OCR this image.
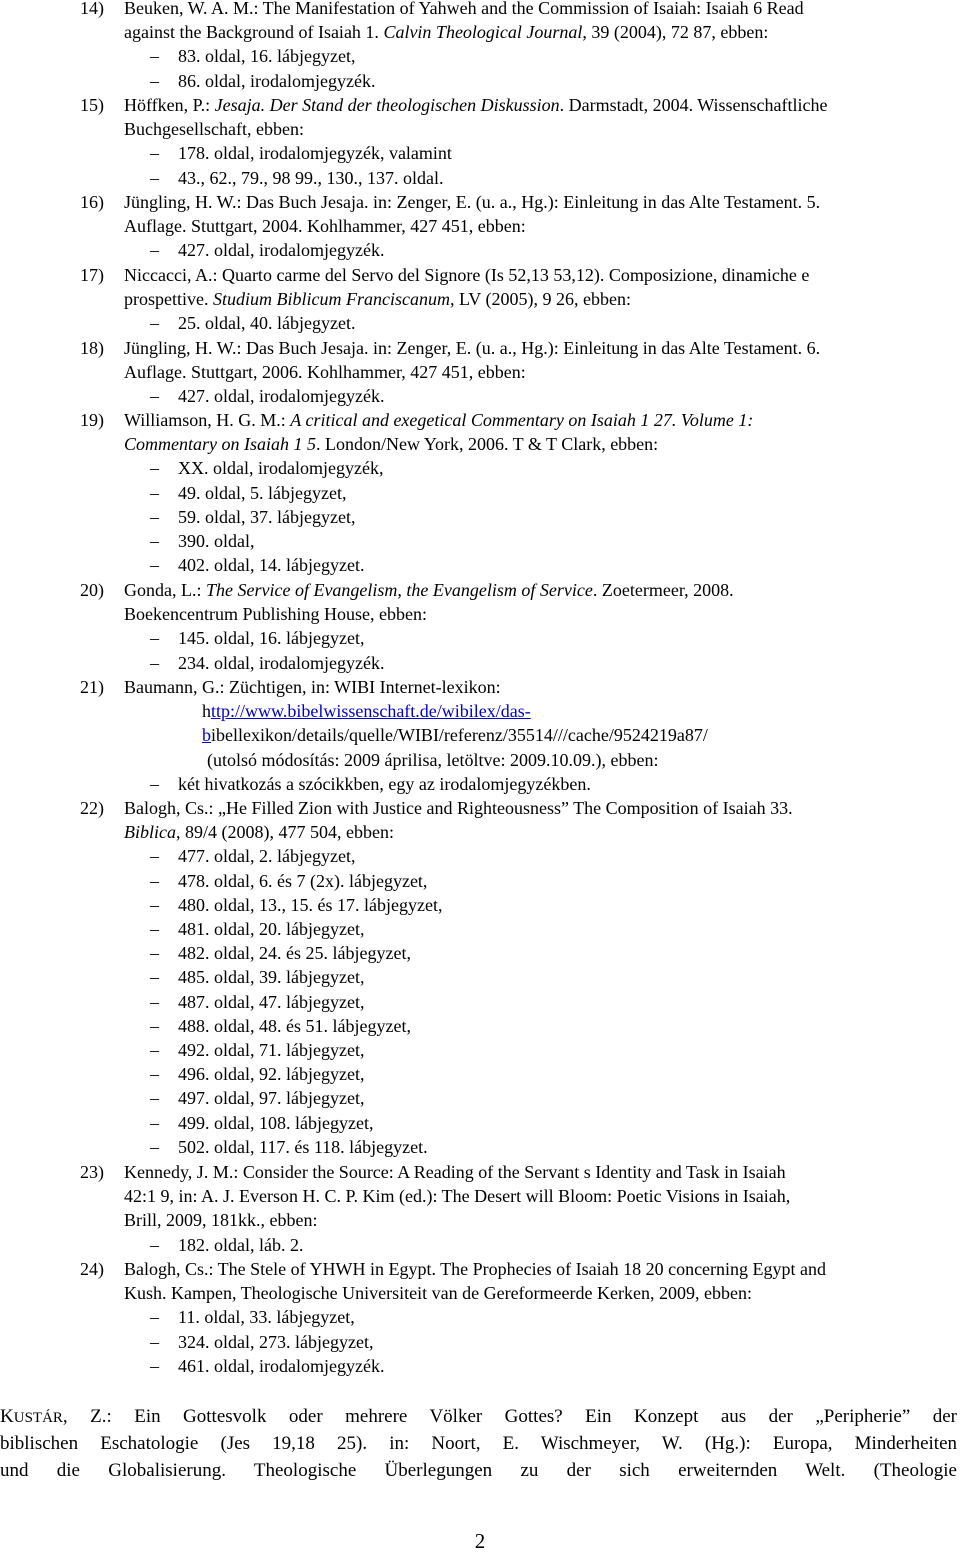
14) Beuken, W. A. M.: The Manifestation of Yahweh and the Commission of Isaiah: Isaiah 6 Read
against the Background of Isaiah 1. Calvin Theological Journal, 39 (2004), 72 87, ebben:
– 83. oldal, 16. lábjegyzet,
– 86. oldal, irodalomjegyzék.
15) Höffken, P.: Jesaja. Der Stand der theologischen Diskussion. Darmstadt, 2004. Wissenschaftliche
Buchgesellschaft, ebben:
– 178. oldal, irodalomjegyzék, valamint
– 43., 62., 79., 98 99., 130., 137. oldal.
16) Jüngling, H. W.: Das Buch Jesaja. in: Zenger, E. (u. a., Hg.): Einleitung in das Alte Testament. 5.
Auflage. Stuttgart, 2004. Kohlhammer, 427 451, ebben:
– 427. oldal, irodalomjegyzék.
17) Niccacci, A.: Quarto carme del Servo del Signore (Is 52,13 53,12). Composizione, dinamiche e
prospettive. Studium Biblicum Franciscanum, LV (2005), 9 26, ebben:
– 25. oldal, 40. lábjegyzet.
18) Jüngling, H. W.: Das Buch Jesaja. in: Zenger, E. (u. a., Hg.): Einleitung in das Alte Testament. 6.
Auflage. Stuttgart, 2006. Kohlhammer, 427 451, ebben:
– 427. oldal, irodalomjegyzék.
19) Williamson, H. G. M.: A critical and exegetical Commentary on Isaiah 1 27. Volume 1:
Commentary on Isaiah 1 5. London/New York, 2006. T & T Clark, ebben:
– XX. oldal, irodalomjegyzék,
– 49. oldal, 5. lábjegyzet,
– 59. oldal, 37. lábjegyzet,
– 390. oldal,
– 402. oldal, 14. lábjegyzet.
20) Gonda, L.: The Service of Evangelism, the Evangelism of Service. Zoetermeer, 2008.
Boekencentrum Publishing House, ebben:
– 145. oldal, 16. lábjegyzet,
– 234. oldal, irodalomjegyzék.
21) Baumann, G.: Züchtigen, in: WIBI Internet-lexikon:
http://www.bibelwissenschaft.de/wibilex/das-
bibellexikon/details/quelle/WIBI/referenz/35514///cache/9524219a87/
(utolsó módosítás: 2009 áprilisa, letöltve: 2009.10.09.), ebben:
– két hivatkozás a szócikkben, egy az irodalomjegyzékben.
22) Balogh, Cs.: „He Filled Zion with Justice and Righteousness” The Composition of Isaiah 33.
Biblica, 89/4 (2008), 477 504, ebben:
– 477. oldal, 2. lábjegyzet,
– 478. oldal, 6. és 7 (2x). lábjegyzet,
– 480. oldal, 13., 15. és 17. lábjegyzet,
– 481. oldal, 20. lábjegyzet,
– 482. oldal, 24. és 25. lábjegyzet,
– 485. oldal, 39. lábjegyzet,
– 487. oldal, 47. lábjegyzet,
– 488. oldal, 48. és 51. lábjegyzet,
– 492. oldal, 71. lábjegyzet,
– 496. oldal, 92. lábjegyzet,
– 497. oldal, 97. lábjegyzet,
– 499. oldal, 108. lábjegyzet,
– 502. oldal, 117. és 118. lábjegyzet.
23) Kennedy, J. M.: Consider the Source: A Reading of the Servant s Identity and Task in Isaiah
42:1 9, in: A. J. Everson H. C. P. Kim (ed.): The Desert will Bloom: Poetic Visions in Isaiah,
Brill, 2009, 181kk., ebben:
– 182. oldal, láb. 2.
24) Balogh, Cs.: The Stele of YHWH in Egypt. The Prophecies of Isaiah 18 20 concerning Egypt and
Kush. Kampen, Theologische Universiteit van de Gereformeerde Kerken, 2009, ebben:
– 11. oldal, 33. lábjegyzet,
– 324. oldal, 273. lábjegyzet,
– 461. oldal, irodalomjegyzék.
KUSTÁR, Z.: Ein Gottesvolk oder mehrere Völker Gottes? Ein Konzept aus der „Peripherie” der
biblischen Eschatologie (Jes 19,18 25). in: Noort, E. Wischmeyer, W. (Hg.): Europa, Minderheiten
und die Globalisierung. Theologische Überlegungen zu der sich erweiternden Welt. (Theologie
2
